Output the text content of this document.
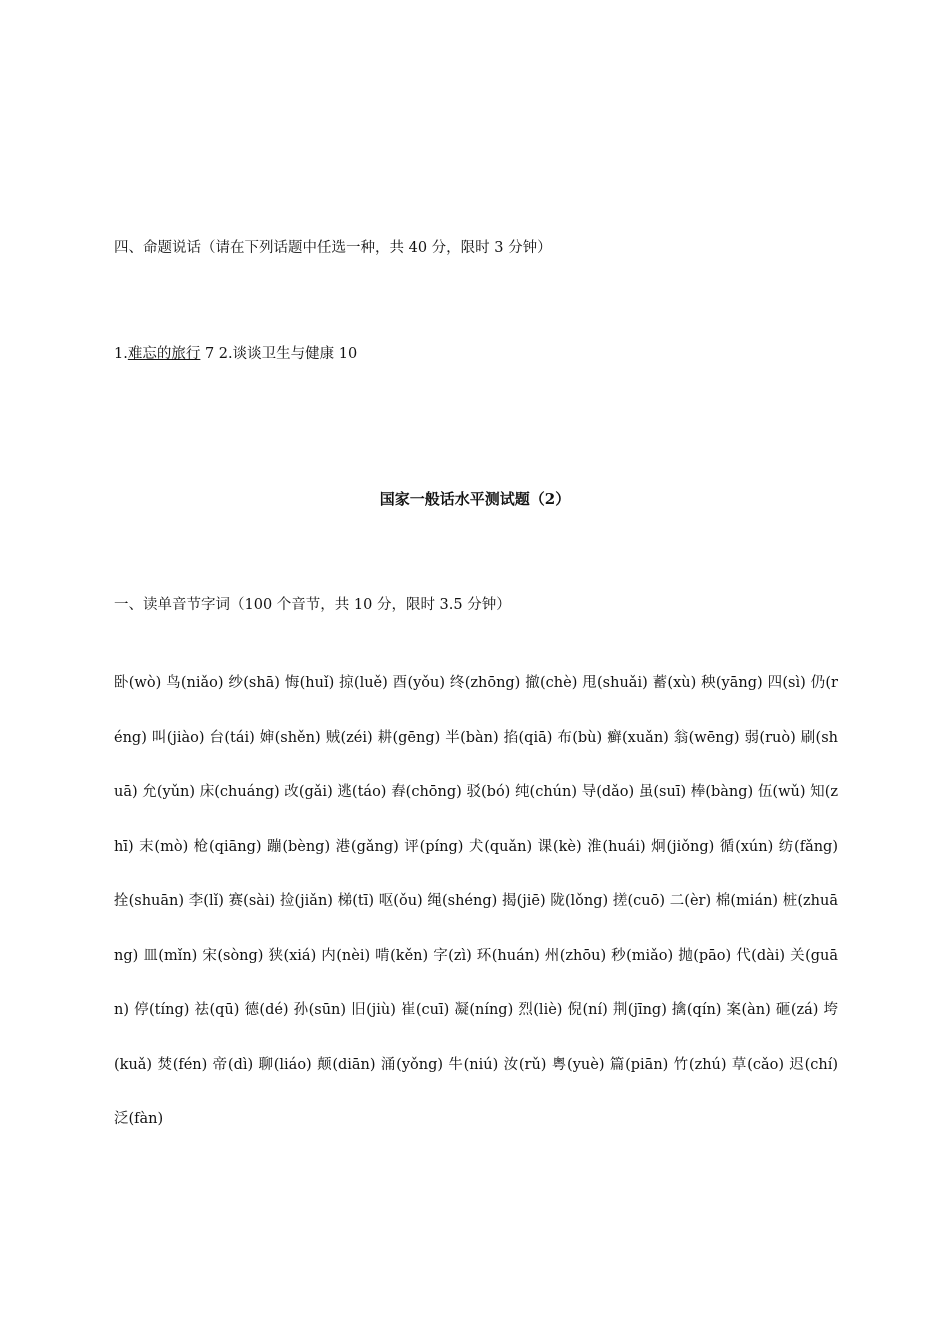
四、命题说话（请在下列话题中任选一种，共 40 分，限时 3 分钟）
1.难忘的旅行 7 2.谈谈卫生与健康 10
国家一般话水平测试题（2）
一、读单音节字词（100 个音节，共 10 分，限时 3.5 分钟）
卧(wò) 鸟(niǎo) 纱(shā) 悔(huǐ) 掠(luě) 酉(yǒu) 终(zhōng) 撤(chè) 甩(shuǎi) 蓄(xù) 秧(yāng) 四(sì) 仍(réng) 叫(jiào) 台(tái) 婶(shěn) 贼(zéi) 耕(gēng) 半(bàn) 掐(qiā) 布(bù) 癣(xuǎn) 翁(wēng) 弱(ruò) 刷(shuā) 允(yǔn) 床(chuáng) 改(gǎi) 逃(táo) 舂(chōng) 驳(bó) 纯(chún) 导(dǎo) 虽(suī) 棒(bàng) 伍(wǔ) 知(zhī) 末(mò) 枪(qiāng) 蹦(bèng) 港(gǎng) 评(píng) 犬(quǎn) 课(kè) 淮(huái) 炯(jiǒng) 循(xún) 纺(fǎng) 拴(shuān) 李(lǐ) 赛(sài) 捡(jiǎn) 梯(tī) 呕(ǒu) 绳(shéng) 揭(jiē) 陇(lǒng) 搓(cuō) 二(èr) 棉(mián) 桩(zhuāng) 皿(mǐn) 宋(sòng) 狭(xiá) 内(nèi) 啃(kěn) 字(zì) 环(huán) 州(zhōu) 秒(miǎo) 抛(pāo) 代(dài) 关(guān) 停(tíng) 祛(qū) 德(dé) 孙(sūn) 旧(jiù) 崔(cuī) 凝(níng) 烈(liè) 倪(ní) 荆(jīng) 擒(qín) 案(àn) 砸(zá) 垮(kuǎ) 焚(fén) 帝(dì) 聊(liáo) 颠(diān) 涌(yǒng) 牛(niú) 汝(rǔ) 粤(yuè) 篇(piān) 竹(zhú) 草(cǎo) 迟(chí) 泛(fàn)
